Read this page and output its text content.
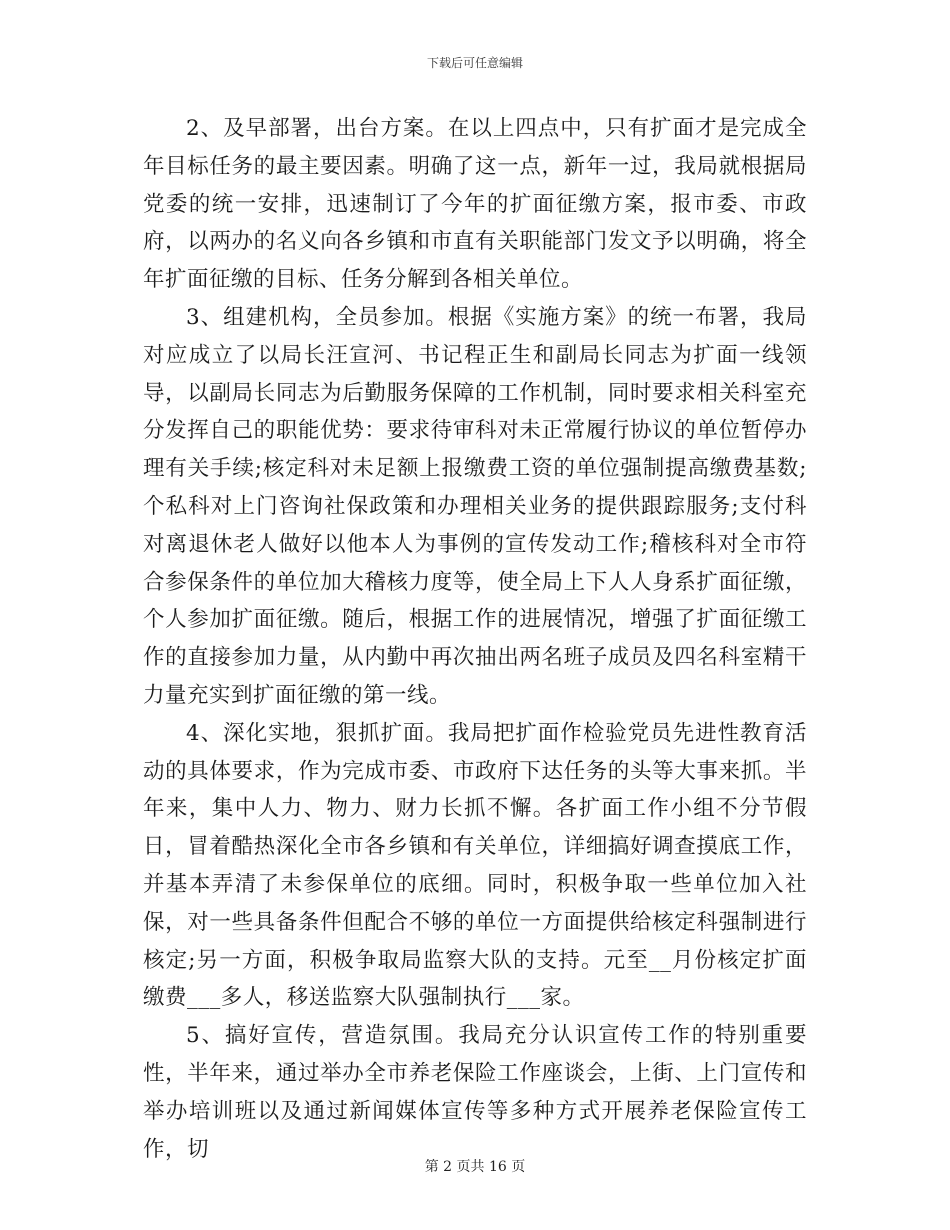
下载后可任意编辑

2、及早部署，出台方案。在以上四点中，只有扩面才是完成全年目标任务的最主要因素。明确了这一点，新年一过，我局就根据局党委的统一安排，迅速制订了今年的扩面征缴方案，报市委、市政府，以两办的名义向各乡镇和市直有关职能部门发文予以明确，将全年扩面征缴的目标、任务分解到各相关单位。

3、组建机构，全员参加。根据《实施方案》的统一布署，我局对应成立了以局长汪宣河、书记程正生和副局长同志为扩面一线领导，以副局长同志为后勤服务保障的工作机制，同时要求相关科室充分发挥自己的职能优势：要求待审科对未正常履行协议的单位暂停办理有关手续;核定科对未足额上报缴费工资的单位强制提高缴费基数;个私科对上门咨询社保政策和办理相关业务的提供跟踪服务;支付科对离退休老人做好以他本人为事例的宣传发动工作;稽核科对全市符合参保条件的单位加大稽核力度等，使全局上下人人身系扩面征缴，个人参加扩面征缴。随后，根据工作的进展情况，增强了扩面征缴工作的直接参加力量，从内勤中再次抽出两名班子成员及四名科室精干力量充实到扩面征缴的第一线。

4、深化实地，狠抓扩面。我局把扩面作检验党员先进性教育活动的具体要求，作为完成市委、市政府下达任务的头等大事来抓。半年来，集中人力、物力、财力长抓不懈。各扩面工作小组不分节假日，冒着酷热深化全市各乡镇和有关单位，详细搞好调查摸底工作，并基本弄清了未参保单位的底细。同时，积极争取一些单位加入社保，对一些具备条件但配合不够的单位一方面提供给核定科强制进行核定;另一方面，积极争取局监察大队的支持。元至__月份核定扩面缴费___多人，移送监察大队强制执行___家。

5、搞好宣传，营造氛围。我局充分认识宣传工作的特别重要性，半年来，通过举办全市养老保险工作座谈会，上街、上门宣传和举办培训班以及通过新闻媒体宣传等多种方式开展养老保险宣传工作，切

第 2 页共 16 页
